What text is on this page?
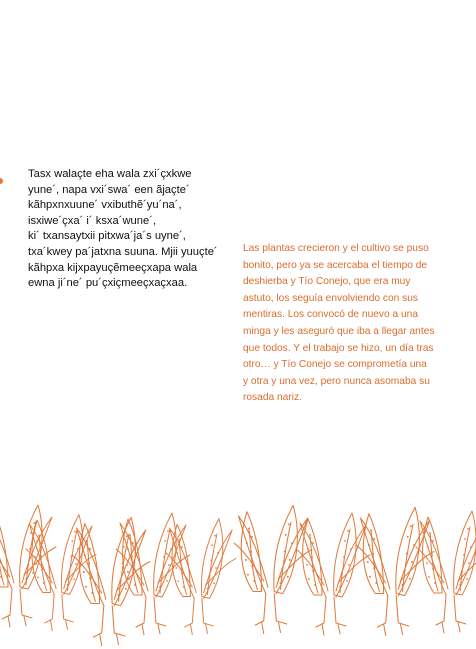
Tasx walaçte eha wala zxi´çxkwe
yune´, napa vxi´swa´ een ãjaçte´
kãhpxnxuune´ vxibuthẽ´yu´na´,
isxiwe´çxa´ i´ ksxa´wune´,
ki´ txansaytxii pitxwa´ja´s uyne´,
txa´kwey pa´jatxna suuna. Mjii yuuçte´
kãhpxa kijxpayuçẽmeeçxapa wala
ewna ji´ne´ pu´çxiçmeeçxaçxaa.

Las plantas crecieron y el cultivo se puso
bonito, pero ya se acercaba el tiempo de
deshierba y Tío Conejo, que era muy
astuto, los seguía envolviendo con sus
mentiras. Los convocó de nuevo a una
minga y les aseguró que iba a llegar antes
que todos. Y el trabajo se hizo, un día tras
otro… y Tío Conejo se comprometía una
y otra y una vez, pero nunca asomaba su
rosada nariz.
